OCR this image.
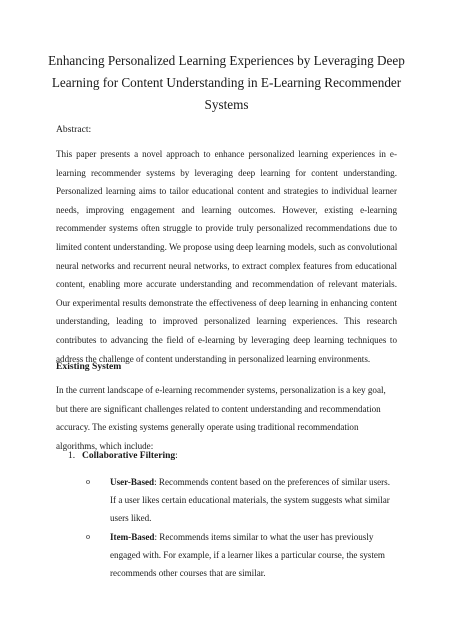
Enhancing Personalized Learning Experiences by Leveraging Deep
Learning for Content Understanding in E-Learning Recommender
Systems
Abstract:
This paper presents a novel approach to enhance personalized learning experiences in e-
learning recommender systems by leveraging deep learning for content understanding.
Personalized learning aims to tailor educational content and strategies to individual learner
needs, improving engagement and learning outcomes. However, existing e-learning
recommender systems often struggle to provide truly personalized recommendations due to
limited content understanding. We propose using deep learning models, such as convolutional
neural networks and recurrent neural networks, to extract complex features from educational
content, enabling more accurate understanding and recommendation of relevant materials.
Our experimental results demonstrate the effectiveness of deep learning in enhancing content
understanding, leading to improved personalized learning experiences. This research
contributes to advancing the field of e-learning by leveraging deep learning techniques to
address the challenge of content understanding in personalized learning environments.
Existing System
In the current landscape of e-learning recommender systems, personalization is a key goal,
but there are significant challenges related to content understanding and recommendation
accuracy. The existing systems generally operate using traditional recommendation
algorithms, which include:
1. Collaborative Filtering:
o User-Based: Recommends content based on the preferences of similar users.
If a user likes certain educational materials, the system suggests what similar
users liked.
o Item-Based: Recommends items similar to what the user has previously
engaged with. For example, if a learner likes a particular course, the system
recommends other courses that are similar.
